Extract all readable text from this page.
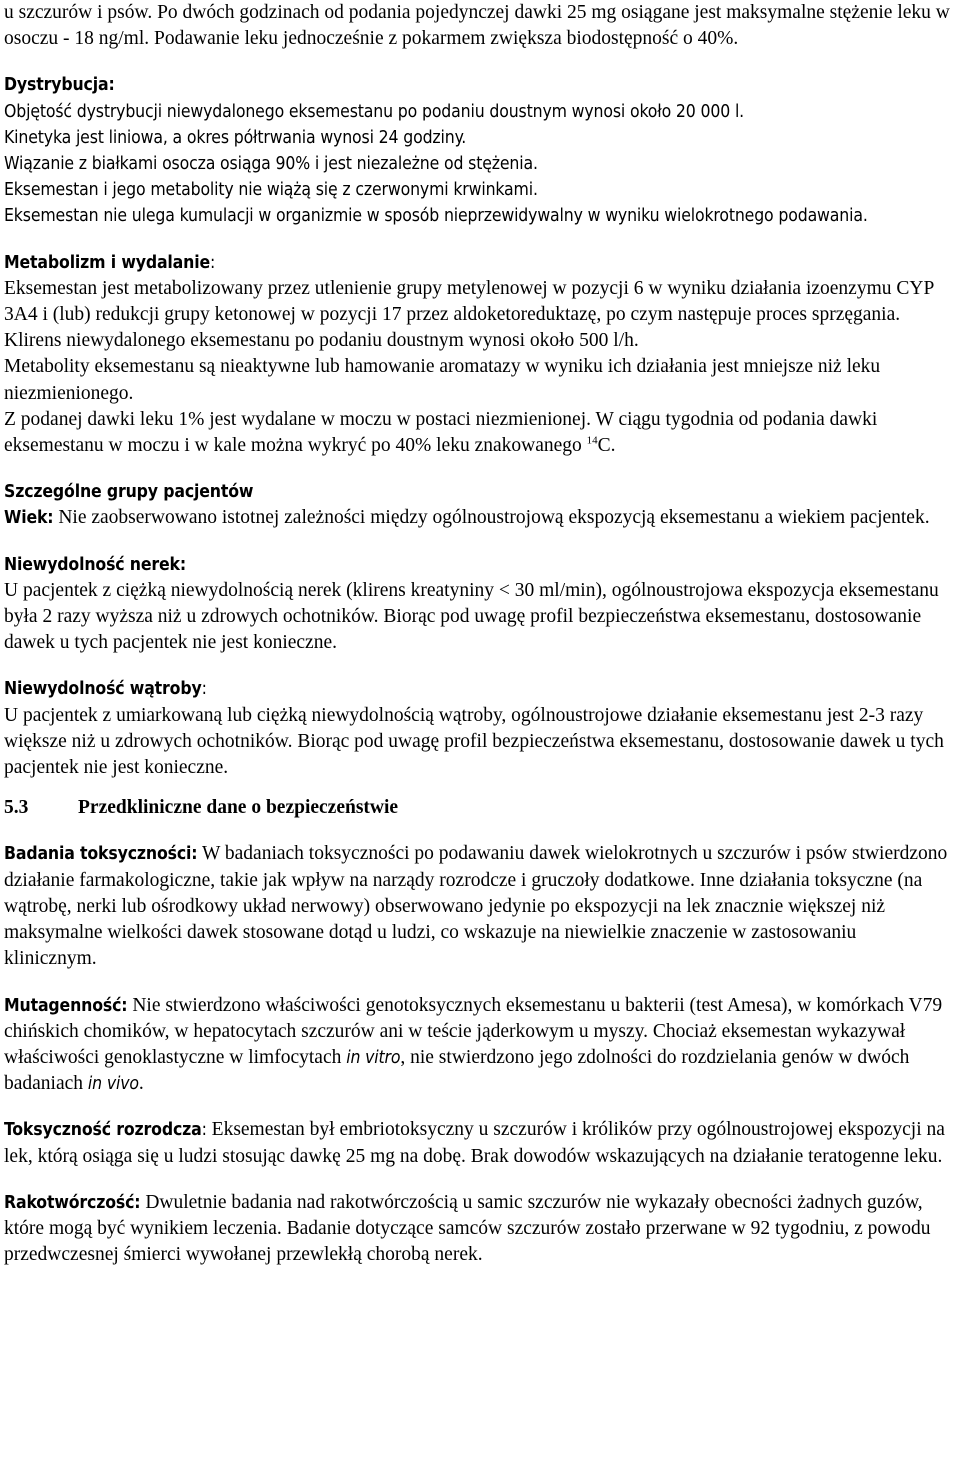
u szczurów i psów. Po dwóch godzinach od podania pojedynczej dawki 25 mg osiągane jest maksymalne stężenie leku w osoczu - 18 ng/ml. Podawanie leku jednocześnie z pokarmem zwiększa biodostępność o 40%.

Dystrybucja:
Objętość dystrybucji niewydalonego eksemestanu po podaniu doustnym wynosi około 20 000 l.
Kinetyka jest liniowa, a okres półtrwania wynosi 24 godziny.
Wiązanie z białkami osocza osiąga 90% i jest niezależne od stężenia.
Eksemestan i jego metabolity nie wiążą się z czerwonymi krwinkami.
Eksemestan nie ulega kumulacji w organizmie w sposób nieprzewidywalny w wyniku wielokrotnego podawania.
Metabolizm i wydalanie:

Eksemestan jest metabolizowany przez utlenienie grupy metylenowej w pozycji 6 w wyniku działania izoenzymu CYP 3A4 i (lub) redukcji grupy ketonowej w pozycji 17 przez aldoketoreduktazę, po czym następuje proces sprzęgania. Klirens niewydalonego eksemestanu po podaniu doustnym wynosi około 500 l/h.

Metabolity eksemestanu są nieaktywne lub hamowanie aromatazy w wyniku ich działania jest mniejsze niż leku niezmienionego.

Z podanej dawki leku 1% jest wydalane w moczu w postaci niezmienionej. W ciągu tygodnia od podania dawki eksemestanu w moczu i w kale można wykryć po 40% leku znakowanego $^{14}$C.

Szczególne grupy pacjentów

Wiek: Nie zaobserwowano istotnej zależności między ogólnoustrojową ekspozycją eksemestanu a wiekiem pacjentek.

Niewydolność nerek:

U pacjentek z ciężką niewydolnością nerek (klirens kreatyniny < 30 ml/min), ogólnoustrojowa ekspozycja eksemestanu była 2 razy wyższa niż u zdrowych ochotników. Biorąc pod uwagę profil bezpieczeństwa eksemestanu, dostosowanie dawek u tych pacjentek nie jest konieczne.

Niewydolność wątroby:

U pacjentek z umiarkowaną lub ciężką niewydolnością wątroby, ogólnoustrojowe działanie eksemestanu jest 2-3 razy większe niż u zdrowych ochotników. Biorąc pod uwagę profil bezpieczeństwa eksemestanu, dostosowanie dawek u tych pacjentek nie jest konieczne.

5.3	Przedkliniczne dane o bezpieczeństwie

Badania toksyczności: W badaniach toksyczności po podawaniu dawek wielokrotnych u szczurów i psów stwierdzono działanie farmakologiczne, takie jak wpływ na narządy rozrodcze i gruczoły dodatkowe. Inne działania toksyczne (na wątrobę, nerki lub ośrodkowy układ nerwowy) obserwowano jedynie po ekspozycji na lek znacznie większej niż maksymalne wielkości dawek stosowane dotąd u ludzi, co wskazuje na niewielkie znaczenie w zastosowaniu klinicznym.

Mutagenność: Nie stwierdzono właściwości genotoksycznych eksemestanu u bakterii (test Amesa), w komórkach V79 chińskich chomików, w hepatocytach szczurów ani w teście jąderkowym u myszy. Chociaż eksemestan wykazywał właściwości genoklastyczne w limfocytach in vitro, nie stwierdzono jego zdolności do rozdzielania genów w dwóch badaniach in vivo.

Toksyczność rozrodcza: Eksemestan był embriotoksyczny u szczurów i królików przy ogólnoustrojowej ekspozycji na lek, którą osiąga się u ludzi stosując dawkę 25 mg na dobę. Brak dowodów wskazujących na działanie teratogenne leku.

Rakotwórczość: Dwuletnie badania nad rakotwórczością u samic szczurów nie wykazały obecności żadnych guzów, które mogą być wynikiem leczenia. Badanie dotyczące samców szczurów zostało przerwane w 92 tygodniu, z powodu przedwczesnej śmierci wywołanej przewlekłą chorobą nerek.
